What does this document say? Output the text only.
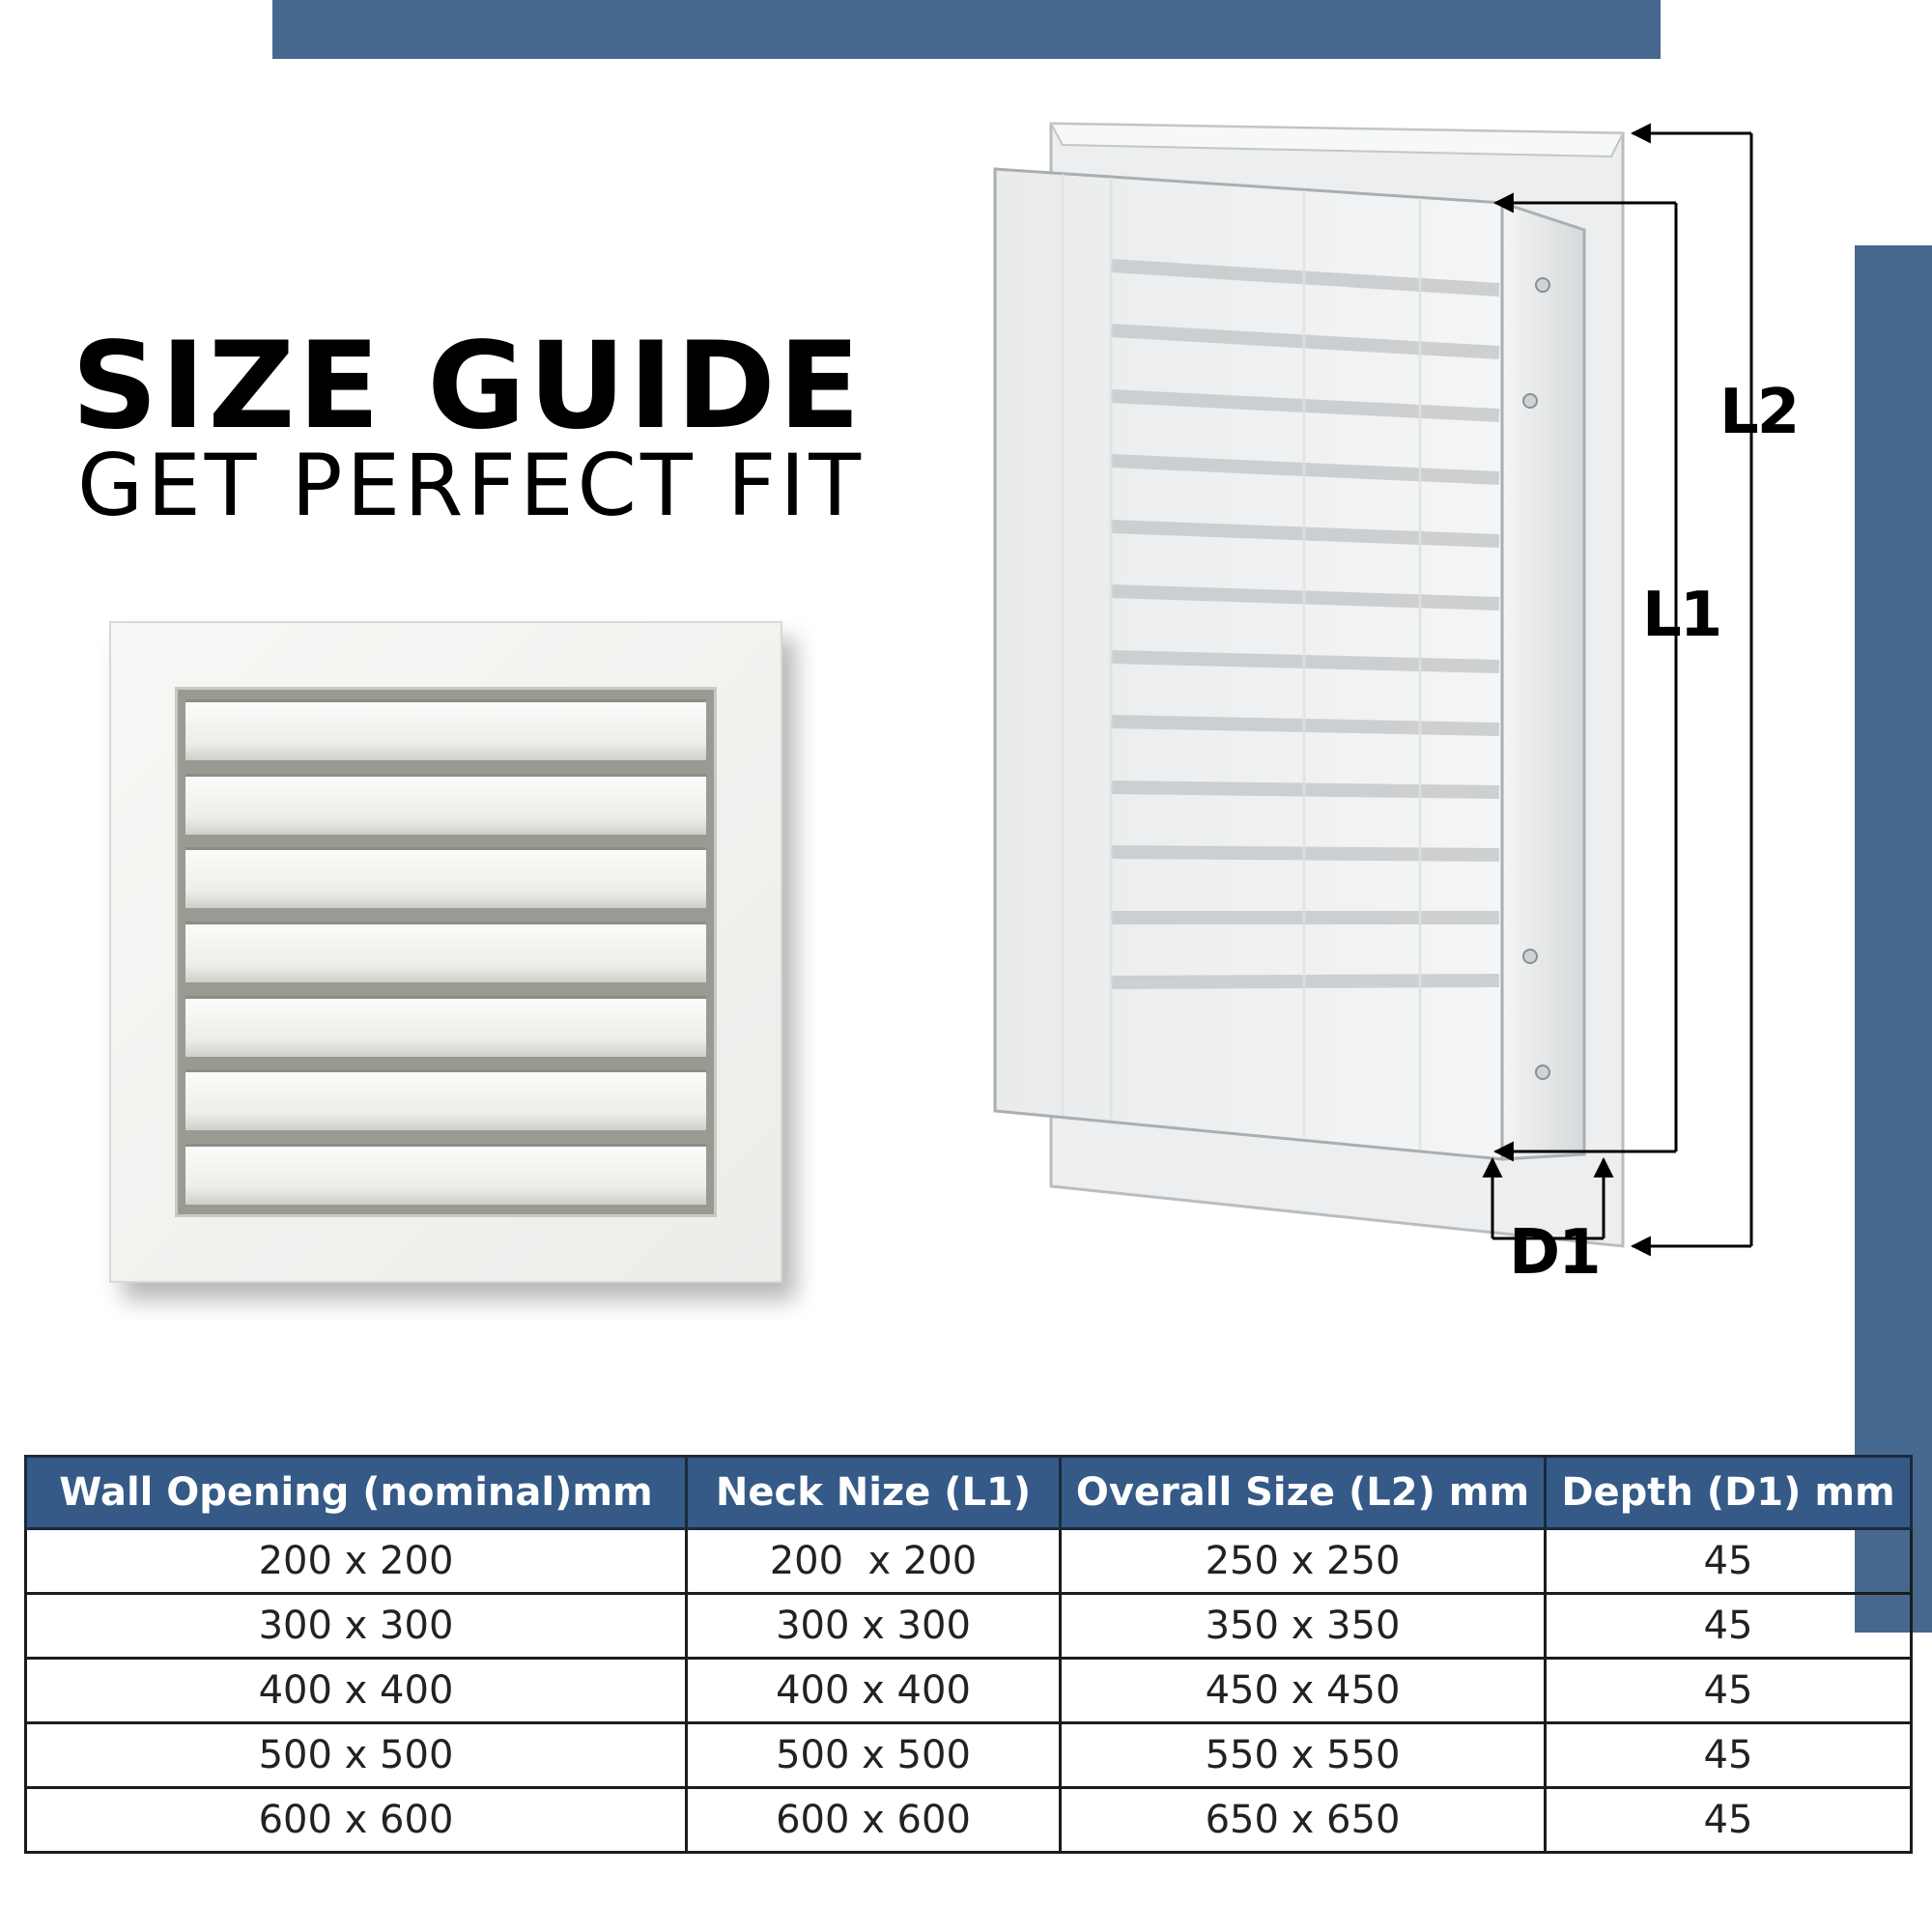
SIZE GUIDE
GET PERFECT FIT
L2
L1
D1
Wall Opening (nominal)mm	Neck Nize (L1)	Overall Size (L2) mm	Depth (D1) mm
200 x 200	200  x 200	250 x 250	45
300 x 300	300 x 300	350 x 350	45
400 x 400	400 x 400	450 x 450	45
500 x 500	500 x 500	550 x 550	45
600 x 600	600 x 600	650 x 650	45
